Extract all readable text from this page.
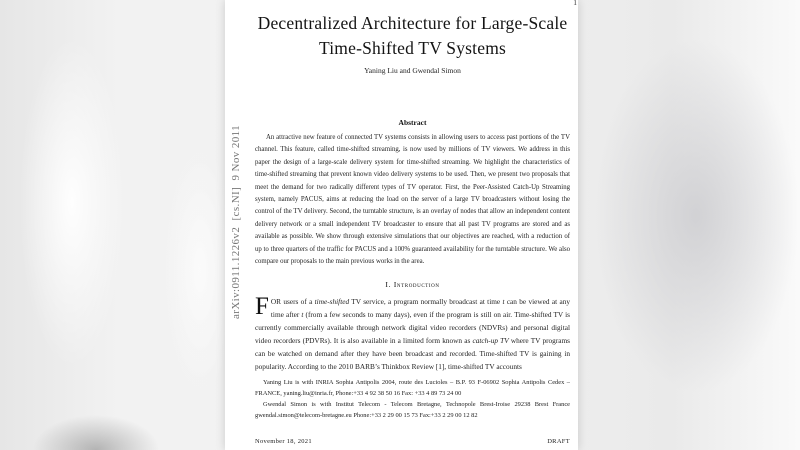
arXiv:0911.1226v2  [cs.NI]  9 Nov 2011
1
Decentralized Architecture for Large-Scale
Time-Shifted TV Systems
Yaning Liu and Gwendal Simon
Abstract

An attractive new feature of connected TV systems consists in allowing users to access past portions of the TV channel. This feature, called time-shifted streaming, is now used by millions of TV viewers. We address in this paper the design of a large-scale delivery system for time-shifted streaming. We highlight the characteristics of time-shifted streaming that prevent known video delivery systems to be used. Then, we present two proposals that meet the demand for two radically different types of TV operator. First, the Peer-Assisted Catch-Up Streaming system, namely PACUS, aims at reducing the load on the server of a large TV broadcasters without losing the control of the TV delivery. Second, the turntable structure, is an overlay of nodes that allow an independent content delivery network or a small independent TV broadcaster to ensure that all past TV programs are stored and as available as possible. We show through extensive simulations that our objectives are reached, with a reduction of up to three quarters of the traffic for PACUS and a 100% guaranteed availability for the turntable structure. We also compare our proposals to the main previous works in the area.

I. Introduction

FOR users of a time-shifted TV service, a program normally broadcast at time t can be viewed at any time after t (from a few seconds to many days), even if the program is still on air. Time-shifted TV is currently commercially available through network digital video recorders (NDVRs) and personal digital video recorders (PDVRs). It is also available in a limited form known as catch-up TV where TV programs can be watched on demand after they have been broadcast and recorded. Time-shifted TV is gaining in popularity. According to the 2010 BARB’s Thinkbox Review [1], time-shifted TV accounts

Yaning Liu is with INRIA Sophia Antipolis 2004, route des Lucioles – B.P. 93 F-06902 Sophia Antipolis Cedex – FRANCE, yaning.liu@inria.fr, Phone:+33 4 92 38 50 16 Fax: +33 4 89 73 24 00

Gwendal Simon is with Institut Telecom - Telecom Bretagne, Technopole Brest-Iroise 29238 Brest France gwendal.simon@telecom-bretagne.eu Phone:+33 2 29 00 15 73 Fax:+33 2 29 00 12 82

November 18, 2021	DRAFT
